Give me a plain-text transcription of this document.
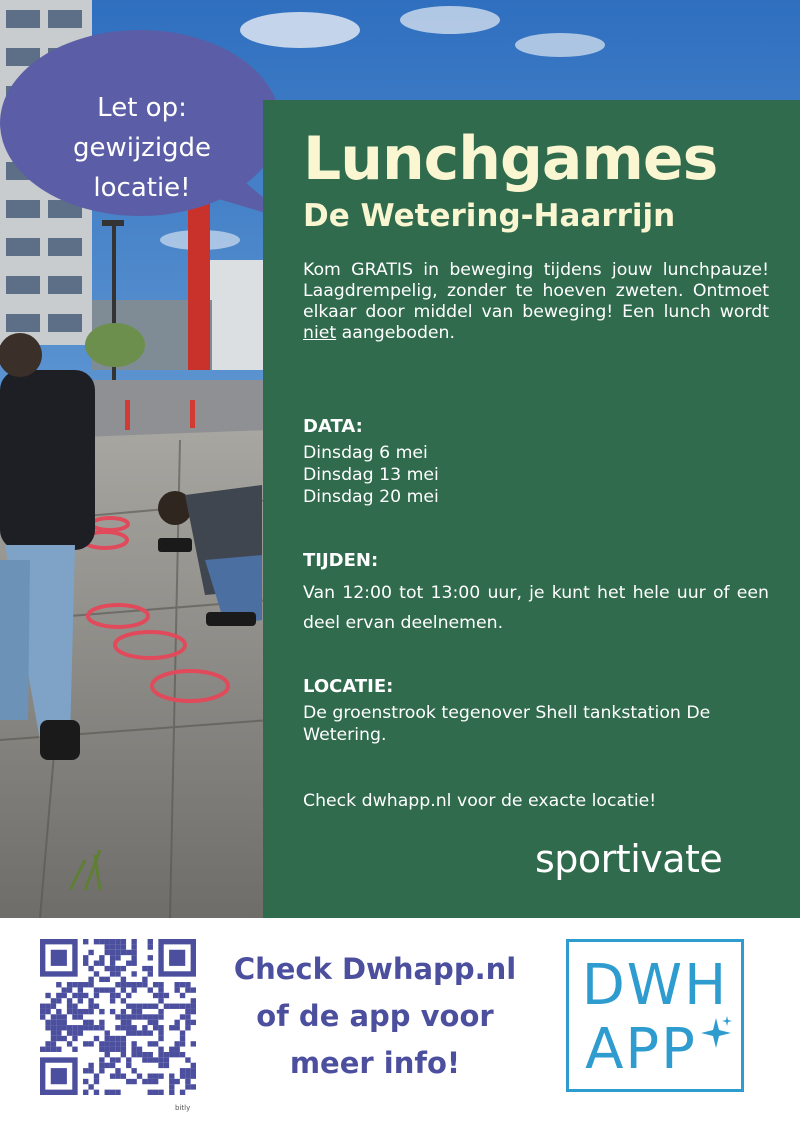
Let op:
gewijzigde
locatie!	Lunchgames
De Wetering-Haarrijn

Kom GRATIS in beweging tijdens jouw lunchpauze! Laagdrempelig, zonder te hoeven zweten. Ontmoet elkaar door middel van beweging! Een lunch wordt niet aangeboden.

DATA:

Dinsdag 6 mei

Dinsdag 13 mei

Dinsdag 20 mei

TIJDEN:

Van 12:00 tot 13:00 uur, je kunt het hele uur of een deel ervan deelnemen.

LOCATIE:

De groenstrook tegenover Shell tankstation De Wetering.

Check dwhapp.nl voor de exacte locatie!

sportivate
bitly
Check Dwhapp.nl
of de app voor
meer info!
DWH
APP
